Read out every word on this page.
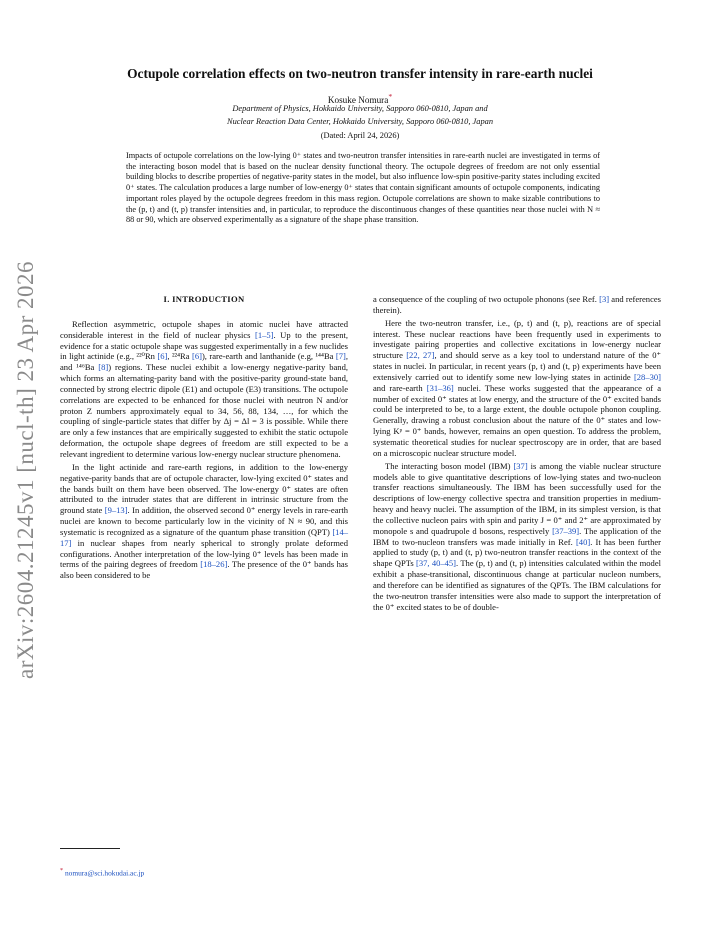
arXiv:2604.21245v1 [nucl-th] 23 Apr 2026
Octupole correlation effects on two-neutron transfer intensity in rare-earth nuclei
Kosuke Nomura*
Department of Physics, Hokkaido University, Sapporo 060-0810, Japan and
Nuclear Reaction Data Center, Hokkaido University, Sapporo 060-0810, Japan
(Dated: April 24, 2026)

Impacts of octupole correlations on the low-lying 0⁺ states and two-neutron transfer intensities in rare-earth nuclei are investigated in terms of the interacting boson model that is based on the nuclear density functional theory. The octupole degrees of freedom are not only essential building blocks to describe properties of negative-parity states in the model, but also influence low-spin positive-parity states including excited 0⁺ states. The calculation produces a large number of low-energy 0⁺ states that contain significant amounts of octupole components, indicating important roles played by the octupole degrees freedom in this mass region. Octupole correlations are shown to make sizable contributions to the (p, t) and (t, p) transfer intensities and, in particular, to reproduce the discontinuous changes of these quantities near those nuclei with N ≈ 88 or 90, which are observed experimentally as a signature of the shape phase transition.

I. INTRODUCTION

Reflection asymmetric, octupole shapes in atomic nuclei have attracted considerable interest in the field of nuclear physics [1–5]. Up to the present, evidence for a static octupole shape was suggested experimentally in a few nuclides in light actinide (e.g., ²²⁰Rn [6], ²²⁴Ra [6]), rare-earth and lanthanide (e.g, ¹⁴⁴Ba [7], and ¹⁴⁶Ba [8]) regions. These nuclei exhibit a low-energy negative-parity band, which forms an alternating-parity band with the positive-parity ground-state band, connected by strong electric dipole (E1) and octupole (E3) transitions. The octupole correlations are expected to be enhanced for those nuclei with neutron N and/or proton Z numbers approximately equal to 34, 56, 88, 134, …, for which the coupling of single-particle states that differ by Δj = Δl = 3 is possible. While there are only a few instances that are empirically suggested to exhibit the static octupole deformation, the octupole shape degrees of freedom are still expected to be a relevant ingredient to determine various low-energy nuclear structure phenomena.

In the light actinide and rare-earth regions, in addition to the low-energy negative-parity bands that are of octupole character, low-lying excited 0⁺ states and the bands built on them have been observed. The low-energy 0⁺ states are often attributed to the intruder states that are different in intrinsic structure from the ground state [9–13]. In addition, the observed second 0⁺ energy levels in rare-earth nuclei are known to become particularly low in the vicinity of N ≈ 90, and this systematic is recognized as a signature of the quantum phase transition (QPT) [14–17] in nuclear shapes from nearly spherical to strongly prolate deformed configurations. Another interpretation of the low-lying 0⁺ levels has been made in terms of the pairing degrees of freedom [18–26]. The presence of the 0⁺ bands has also been considered to be

a consequence of the coupling of two octupole phonons (see Ref. [3] and references therein).

Here the two-neutron transfer, i.e., (p, t) and (t, p), reactions are of special interest. These nuclear reactions have been frequently used in experiments to investigate pairing properties and collective excitations in low-energy nuclear structure [22, 27], and should serve as a key tool to understand nature of the 0⁺ states in nuclei. In particular, in recent years (p, t) and (t, p) experiments have been extensively carried out to identify some new low-lying states in actinide [28–30] and rare-earth [31–36] nuclei. These works suggested that the appearance of a number of excited 0⁺ states at low energy, and the structure of the 0⁺ excited bands could be interpreted to be, to a large extent, the double octupole phonon coupling. Generally, drawing a robust conclusion about the nature of the 0⁺ states and low-lying Kᵖ = 0⁺ bands, however, remains an open question. To address the problem, systematic theoretical studies for nuclear spectroscopy are in order, that are based on a microscopic nuclear structure model.

The interacting boson model (IBM) [37] is among the viable nuclear structure models able to give quantitative descriptions of low-lying states and two-nucleon transfer reactions simultaneously. The IBM has been successfully used for the descriptions of low-energy collective spectra and transition properties in medium-heavy and heavy nuclei. The assumption of the IBM, in its simplest version, is that the collective nucleon pairs with spin and parity J = 0⁺ and 2⁺ are approximated by monopole s and quadrupole d bosons, respectively [37–39]. The application of the IBM to two-nucleon transfers was made initially in Ref. [40]. It has been further applied to study (p, t) and (t, p) two-neutron transfer reactions in the context of the shape QPTs [37, 40–45]. The (p, t) and (t, p) intensities calculated within the model exhibit a phase-transitional, discontinuous change at particular nucleon numbers, and therefore can be identified as signatures of the QPTs. The IBM calculations for the two-neutron transfer intensities were also made to support the interpretation of the 0⁺ excited states to be of double-

* nomura@sci.hokudai.ac.jp
